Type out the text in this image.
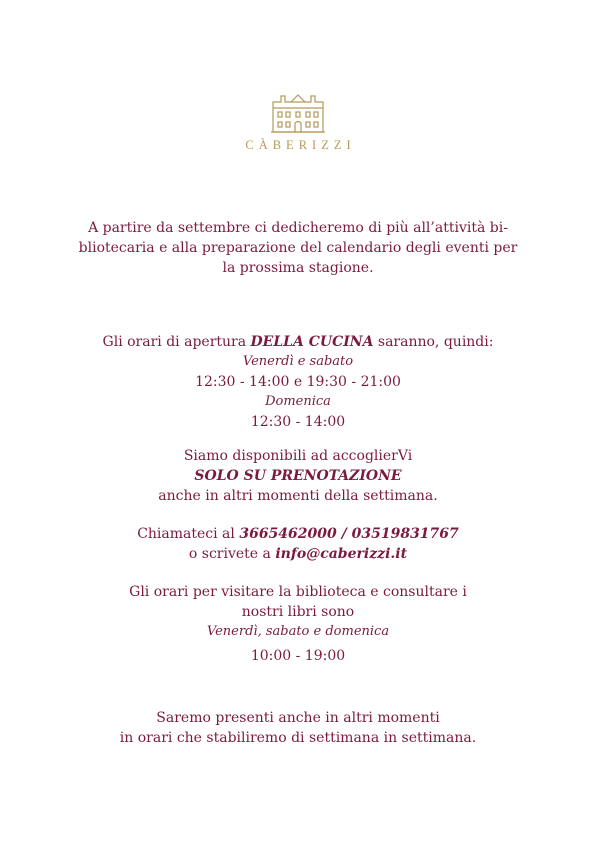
CÀBERIZZI
A partire da settembre ci dedicheremo di più all’attività bi-
bliotecaria e alla preparazione del calendario degli eventi per
la prossima stagione.
Gli orari di apertura DELLA CUCINA saranno, quindi:
Venerdì e sabato
12:30 - 14:00 e 19:30 - 21:00
Domenica
12:30 - 14:00
Siamo disponibili ad accoglierVi
SOLO SU PRENOTAZIONE
anche in altri momenti della settimana.
Chiamateci al 3665462000 / 03519831767
o scrivete a info@caberizzi.it
Gli orari per visitare la biblioteca e consultare i
nostri libri sono
Venerdì, sabato e domenica
10:00 - 19:00
Saremo presenti anche in altri momenti
in orari che stabiliremo di settimana in settimana.
